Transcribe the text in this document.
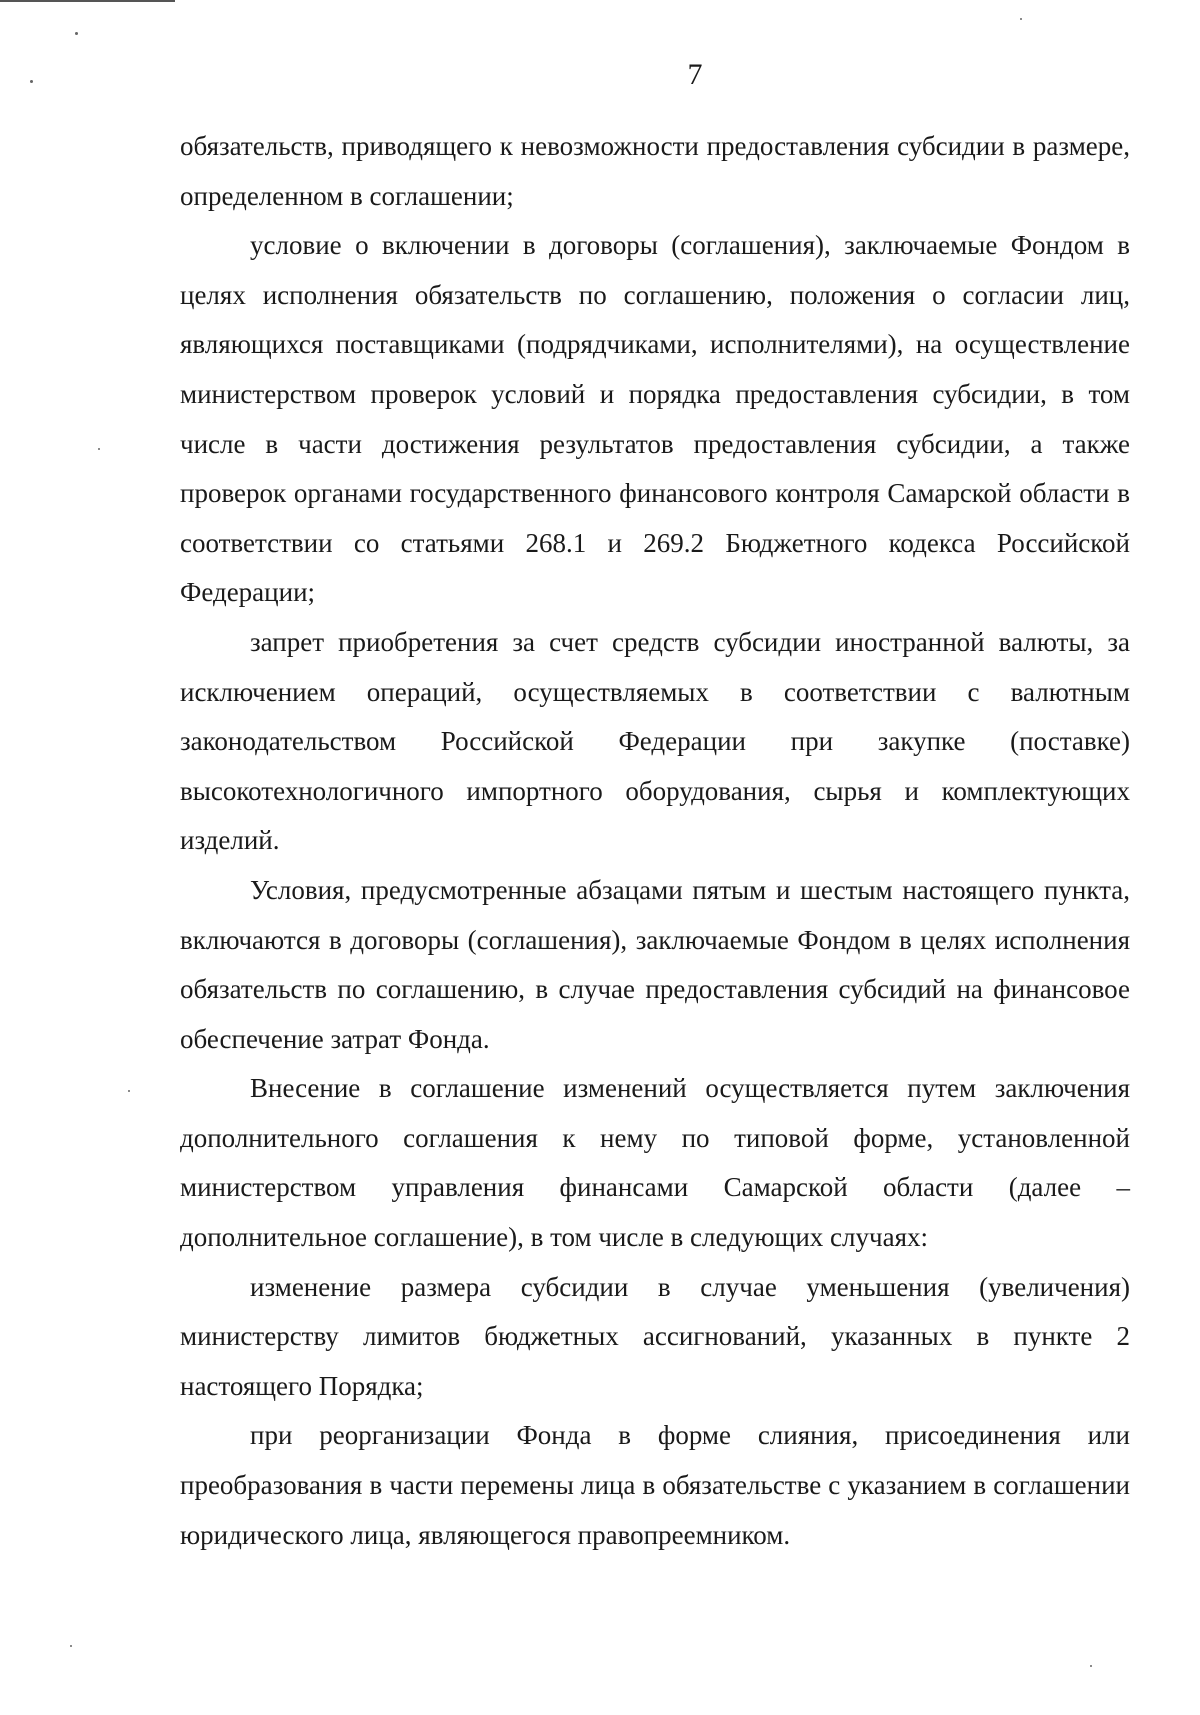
7

обязательств, приводящего к невозможности предоставления субсидии в размере, определенном в соглашении;

условие о включении в договоры (соглашения), заключаемые Фондом в целях исполнения обязательств по соглашению, положения о согласии лиц, являющихся поставщиками (подрядчиками, исполнителями), на осуществление министерством проверок условий и порядка предоставления субсидии, в том числе в части достижения результатов предоставления субсидии, а также проверок органами государственного финансового контроля Самарской области в соответствии со статьями 268.1 и 269.2 Бюджетного кодекса Российской Федерации;

запрет приобретения за счет средств субсидии иностранной валюты, за исключением операций, осуществляемых в соответствии с валютным законодательством Российской Федерации при закупке (поставке) высокотехнологичного импортного оборудования, сырья и комплектующих изделий.

Условия, предусмотренные абзацами пятым и шестым настоящего пункта, включаются в договоры (соглашения), заключаемые Фондом в целях исполнения обязательств по соглашению, в случае предоставления субсидий на финансовое обеспечение затрат Фонда.

Внесение в соглашение изменений осуществляется путем заключения дополнительного соглашения к нему по типовой форме, установленной министерством управления финансами Самарской области (далее – дополнительное соглашение), в том числе в следующих случаях:

изменение размера субсидии в случае уменьшения (увеличения) министерству лимитов бюджетных ассигнований, указанных в пункте 2 настоящего Порядка;

при реорганизации Фонда в форме слияния, присоединения или преобразования в части перемены лица в обязательстве с указанием в соглашении юридического лица, являющегося правопреемником.
